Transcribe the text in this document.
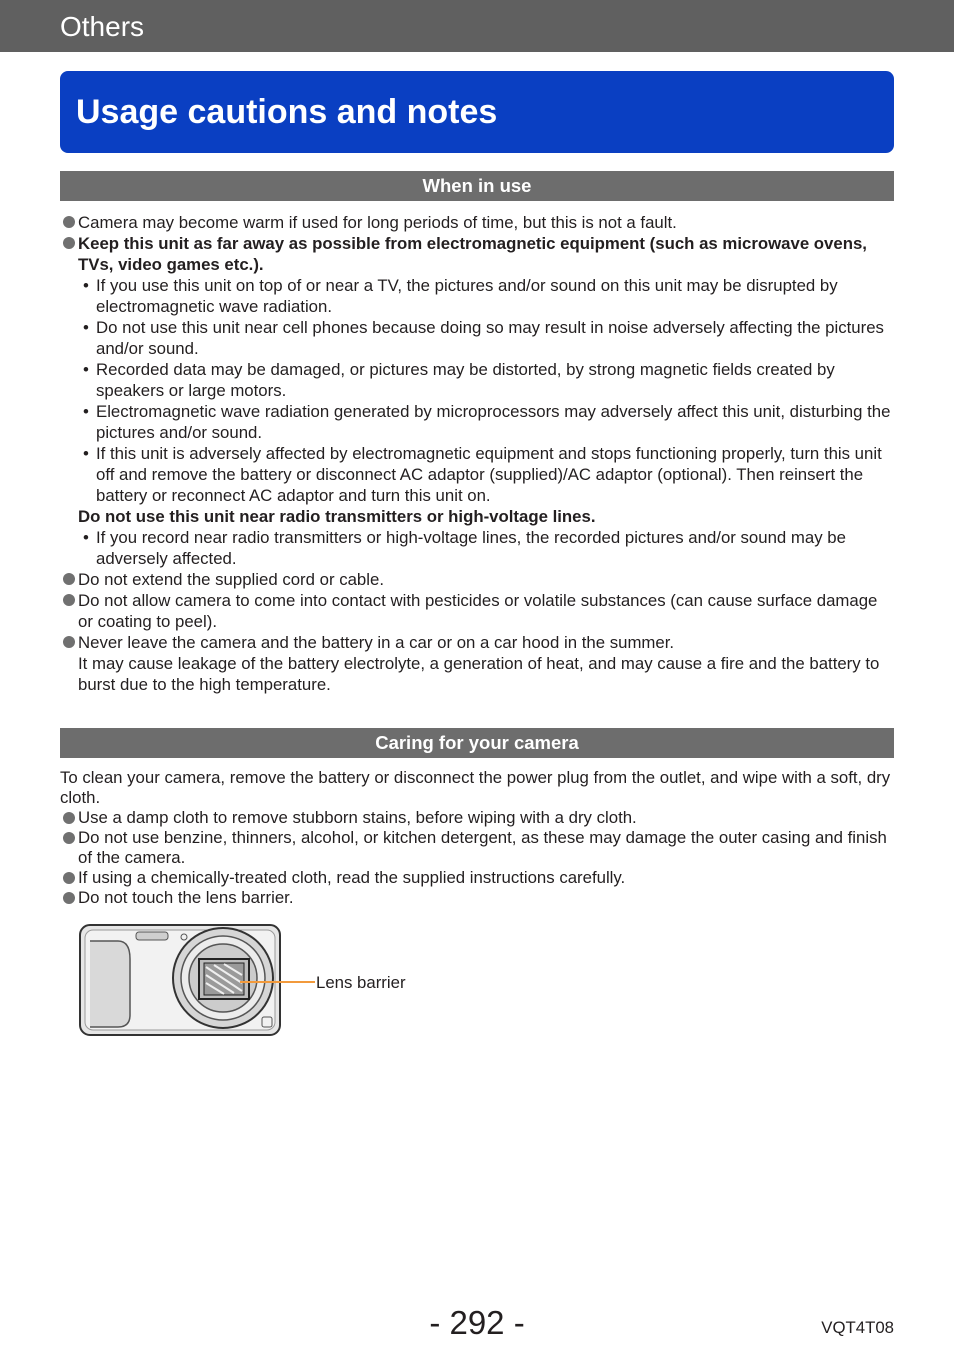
Others
Usage cautions and notes
When in use
Camera may become warm if used for long periods of time, but this is not a fault.
Keep this unit as far away as possible from electromagnetic equipment (such as microwave ovens, TVs, video games etc.).
• If you use this unit on top of or near a TV, the pictures and/or sound on this unit may be disrupted by electromagnetic wave radiation.
• Do not use this unit near cell phones because doing so may result in noise adversely affecting the pictures and/or sound.
• Recorded data may be damaged, or pictures may be distorted, by strong magnetic fields created by speakers or large motors.
• Electromagnetic wave radiation generated by microprocessors may adversely affect this unit, disturbing the pictures and/or sound.
• If this unit is adversely affected by electromagnetic equipment and stops functioning properly, turn this unit off and remove the battery or disconnect AC adaptor (supplied)/AC adaptor (optional). Then reinsert the battery or reconnect AC adaptor and turn this unit on.
Do not use this unit near radio transmitters or high-voltage lines.
• If you record near radio transmitters or high-voltage lines, the recorded pictures and/or sound may be adversely affected.
Do not extend the supplied cord or cable.
Do not allow camera to come into contact with pesticides or volatile substances (can cause surface damage or coating to peel).
Never leave the camera and the battery in a car or on a car hood in the summer.
It may cause leakage of the battery electrolyte, a generation of heat, and may cause a fire and the battery to burst due to the high temperature.
Caring for your camera
To clean your camera, remove the battery or disconnect the power plug from the outlet, and wipe with a soft, dry cloth.
Use a damp cloth to remove stubborn stains, before wiping with a dry cloth.
Do not use benzine, thinners, alcohol, or kitchen detergent, as these may damage the outer casing and finish of the camera.
If using a chemically-treated cloth, read the supplied instructions carefully.
Do not touch the lens barrier.
Lens barrier
- 292 -	VQT4T08
